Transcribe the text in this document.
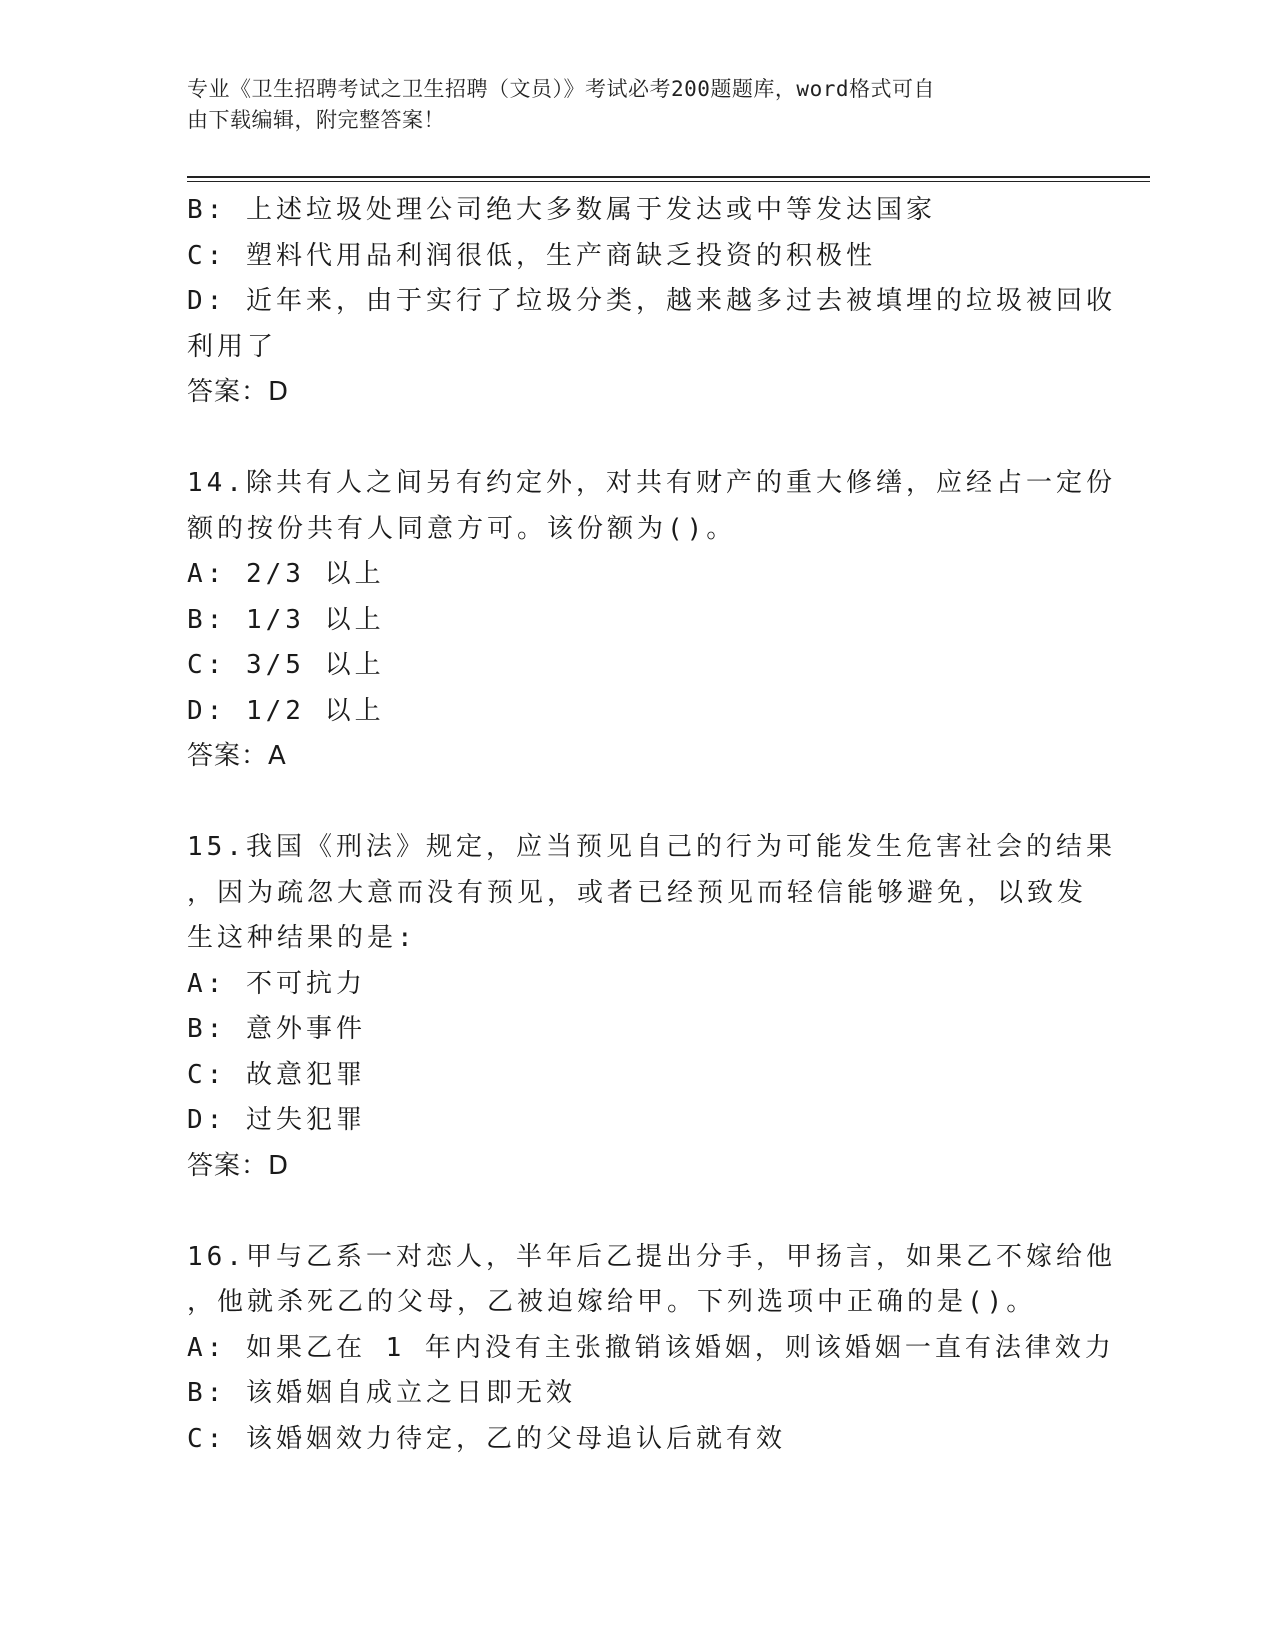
专业《卫生招聘考试之卫生招聘（文员）》考试必考200题题库，word格式可自
由下载编辑，附完整答案！
B: 上述垃圾处理公司绝大多数属于发达或中等发达国家
C: 塑料代用品利润很低，生产商缺乏投资的积极性
D: 近年来，由于实行了垃圾分类，越来越多过去被填埋的垃圾被回收
利用了
答案：D
14.除共有人之间另有约定外，对共有财产的重大修缮，应经占一定份
额的按份共有人同意方可。该份额为()。
A: 2/3 以上
B: 1/3 以上
C: 3/5 以上
D: 1/2 以上
答案：A
15.我国《刑法》规定，应当预见自己的行为可能发生危害社会的结果
，因为疏忽大意而没有预见，或者已经预见而轻信能够避免，以致发
生这种结果的是:
A: 不可抗力
B: 意外事件
C: 故意犯罪
D: 过失犯罪
答案：D
16.甲与乙系一对恋人，半年后乙提出分手，甲扬言，如果乙不嫁给他
，他就杀死乙的父母，乙被迫嫁给甲。下列选项中正确的是()。
A: 如果乙在 1 年内没有主张撤销该婚姻，则该婚姻一直有法律效力
B: 该婚姻自成立之日即无效
C: 该婚姻效力待定，乙的父母追认后就有效
